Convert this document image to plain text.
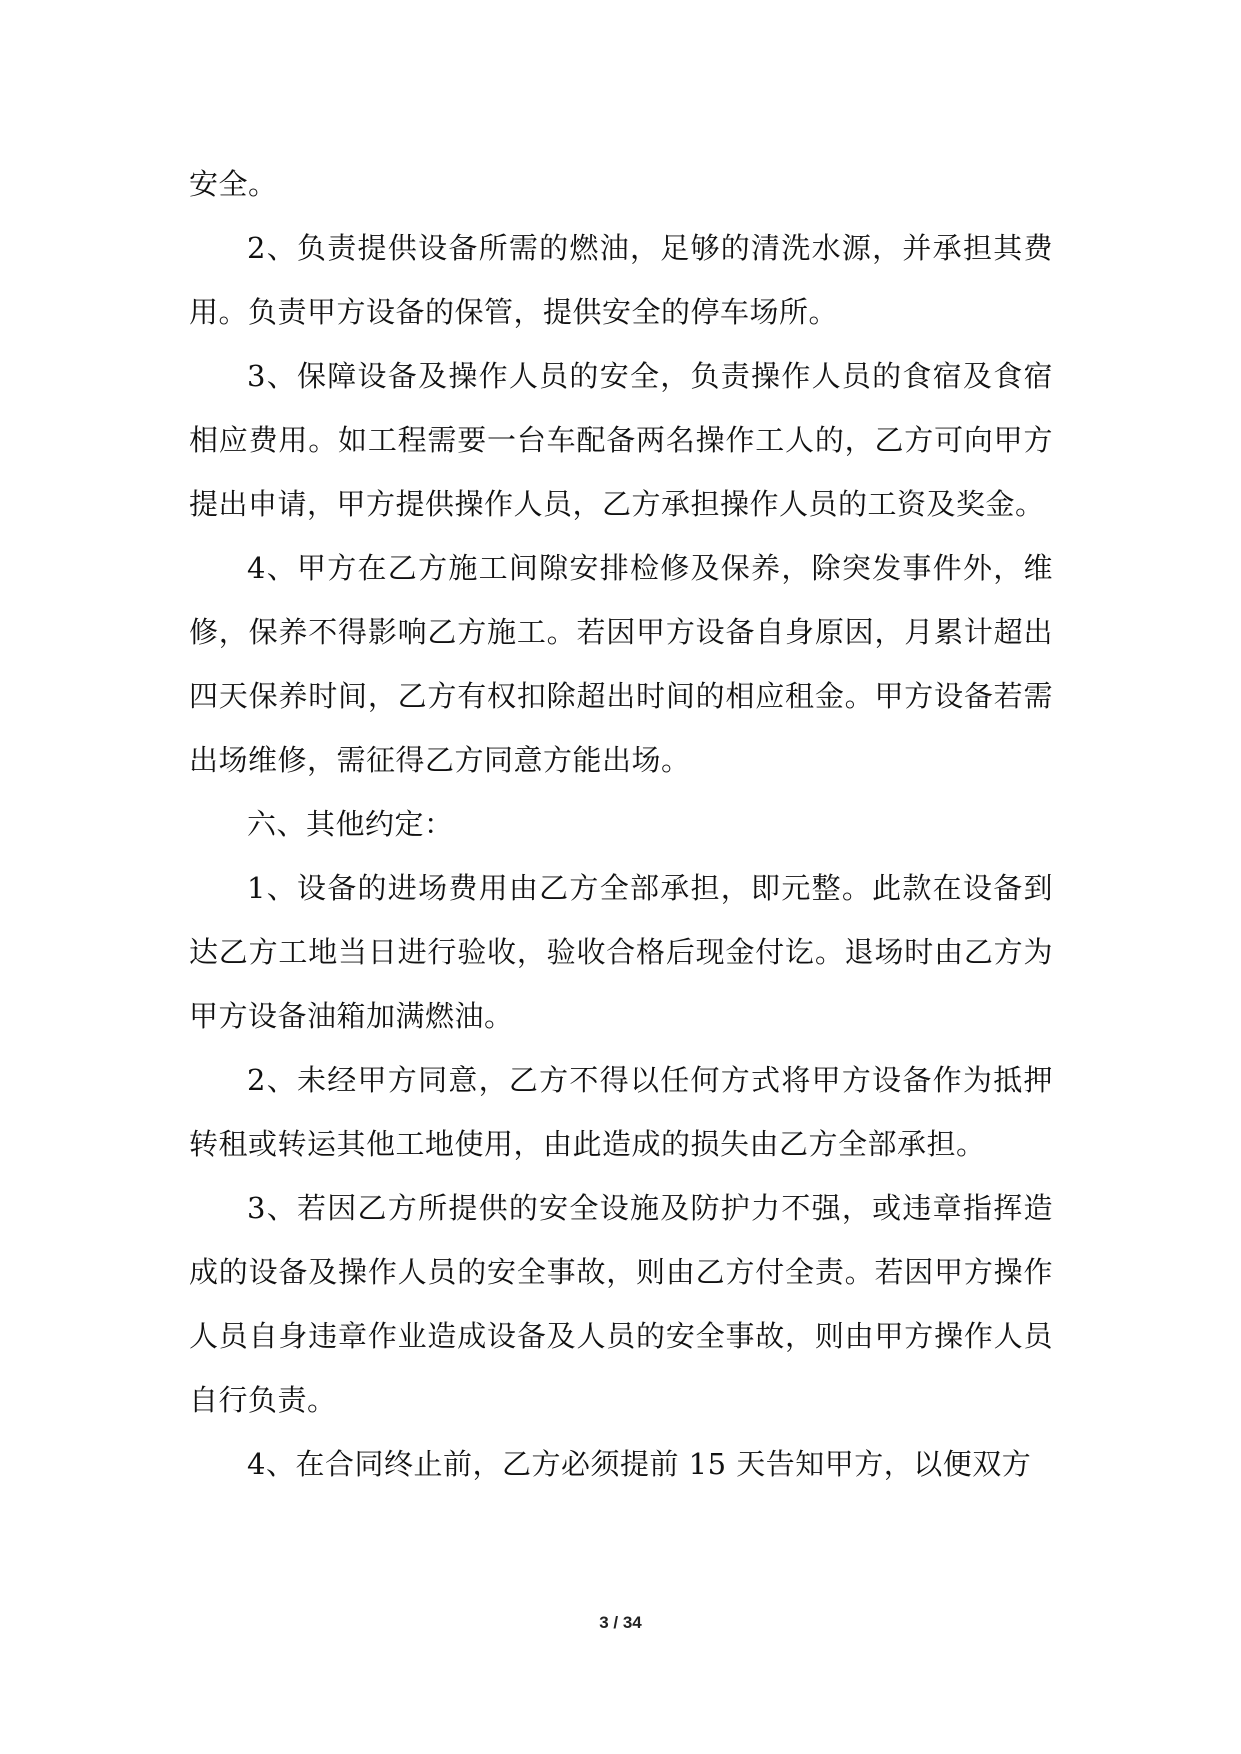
安全。

2、负责提供设备所需的燃油，足够的清洗水源，并承担其费用。负责甲方设备的保管，提供安全的停车场所。

3、保障设备及操作人员的安全，负责操作人员的食宿及食宿相应费用。如工程需要一台车配备两名操作工人的，乙方可向甲方提出申请，甲方提供操作人员，乙方承担操作人员的工资及奖金。

4、甲方在乙方施工间隙安排检修及保养，除突发事件外，维修，保养不得影响乙方施工。若因甲方设备自身原因，月累计超出四天保养时间，乙方有权扣除超出时间的相应租金。甲方设备若需出场维修，需征得乙方同意方能出场。

六、其他约定：

1、设备的进场费用由乙方全部承担，即元整。此款在设备到达乙方工地当日进行验收，验收合格后现金付讫。退场时由乙方为甲方设备油箱加满燃油。

2、未经甲方同意，乙方不得以任何方式将甲方设备作为抵押转租或转运其他工地使用，由此造成的损失由乙方全部承担。

3、若因乙方所提供的安全设施及防护力不强，或违章指挥造成的设备及操作人员的安全事故，则由乙方付全责。若因甲方操作人员自身违章作业造成设备及人员的安全事故，则由甲方操作人员自行负责。

4、在合同终止前，乙方必须提前 15 天告知甲方，以便双方

3 / 34
